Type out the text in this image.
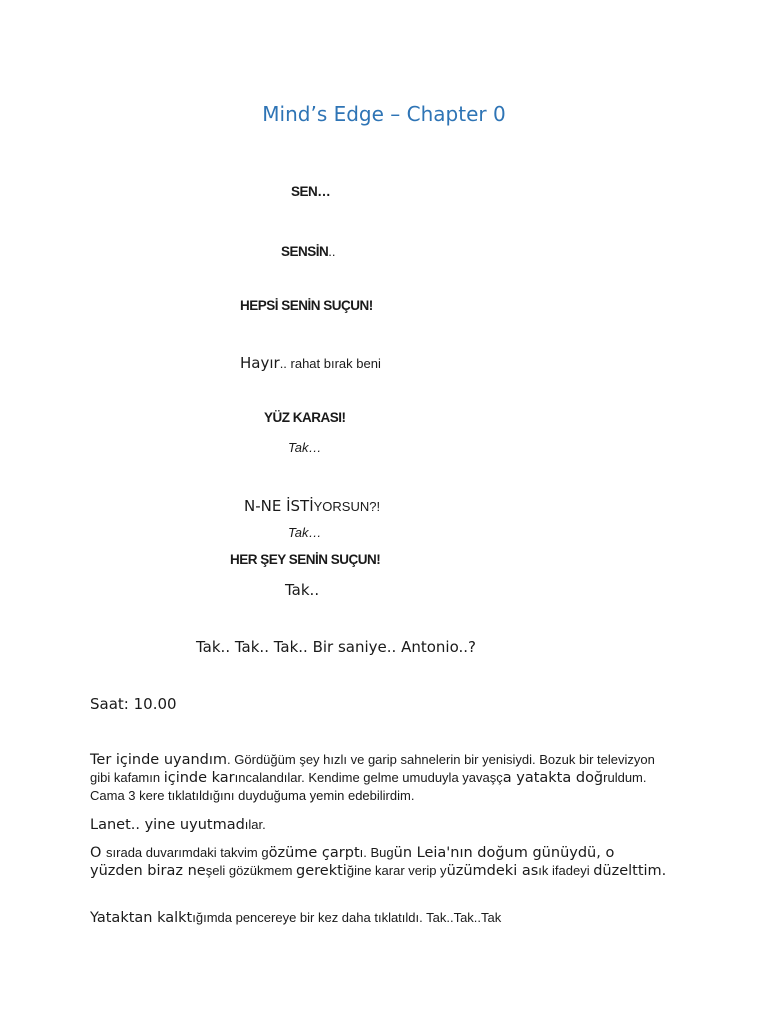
Mind’s Edge – Chapter 0
SEN…
SENSİN..
HEPSİ SENİN SUÇUN!
Hayır.. rahat bırak beni
YÜZ KARASI!
Tak…
N-NE İSTİYORSUN?!
Tak…
HER ŞEY SENİN SUÇUN!
Tak..
Tak.. Tak.. Tak.. Bir saniye.. Antonio..?
Saat: 10.00
Ter içinde uyandım. Gördüğüm şey hızlı ve garip sahnelerin bir yenisiydi. Bozuk bir televizyon gibi kafamın içinde karıncalandılar. Kendime gelme umuduyla yavaşça yatakta doğruldum. Cama 3 kere tıklatıldığını duyduğuma yemin edebilirdim.
Lanet.. yine uyutmadılar.
O sırada duvarımdaki takvim gözüme çarptı. Bugün Leia'nın doğum günüydü, o yüzden biraz neşeli gözükmem gerektiğine karar verip yüzümdeki asık ifadeyi düzelttim.
Yataktan kalktığımda pencereye bir kez daha tıklatıldı. Tak..Tak..Tak
